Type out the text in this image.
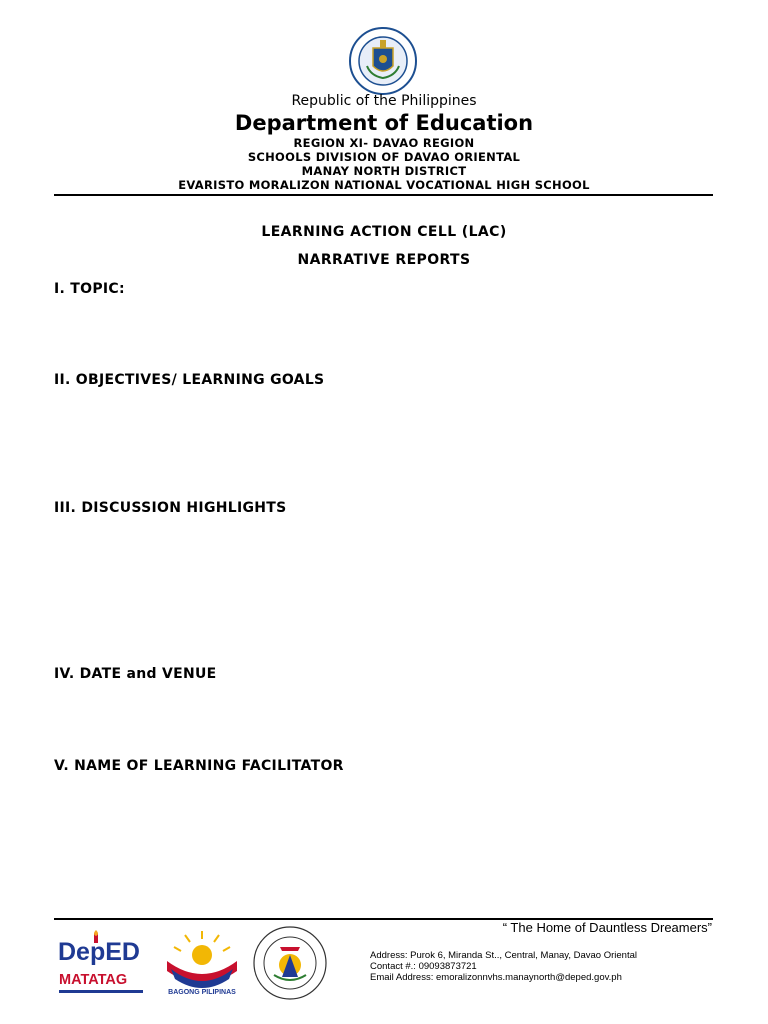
Republic of the Philippines
Department of Education
REGION XI- DAVAO REGION
SCHOOLS DIVISION OF DAVAO ORIENTAL
MANAY NORTH DISTRICT
EVARISTO MORALIZON NATIONAL VOCATIONAL HIGH SCHOOL
LEARNING ACTION CELL (LAC)
NARRATIVE REPORTS
I. TOPIC:
II. OBJECTIVES/ LEARNING GOALS
III. DISCUSSION HIGHLIGHTS
IV. DATE and VENUE
V. NAME OF LEARNING FACILITATOR
“ The Home of Dauntless Dreamers”
DepED
MATATAG
BAGONG PILIPINAS
Address: Purok 6, Miranda St.., Central, Manay, Davao Oriental
Contact #.: 09093873721
Email Address: emoralizonnvhs.manaynorth@deped.gov.ph
